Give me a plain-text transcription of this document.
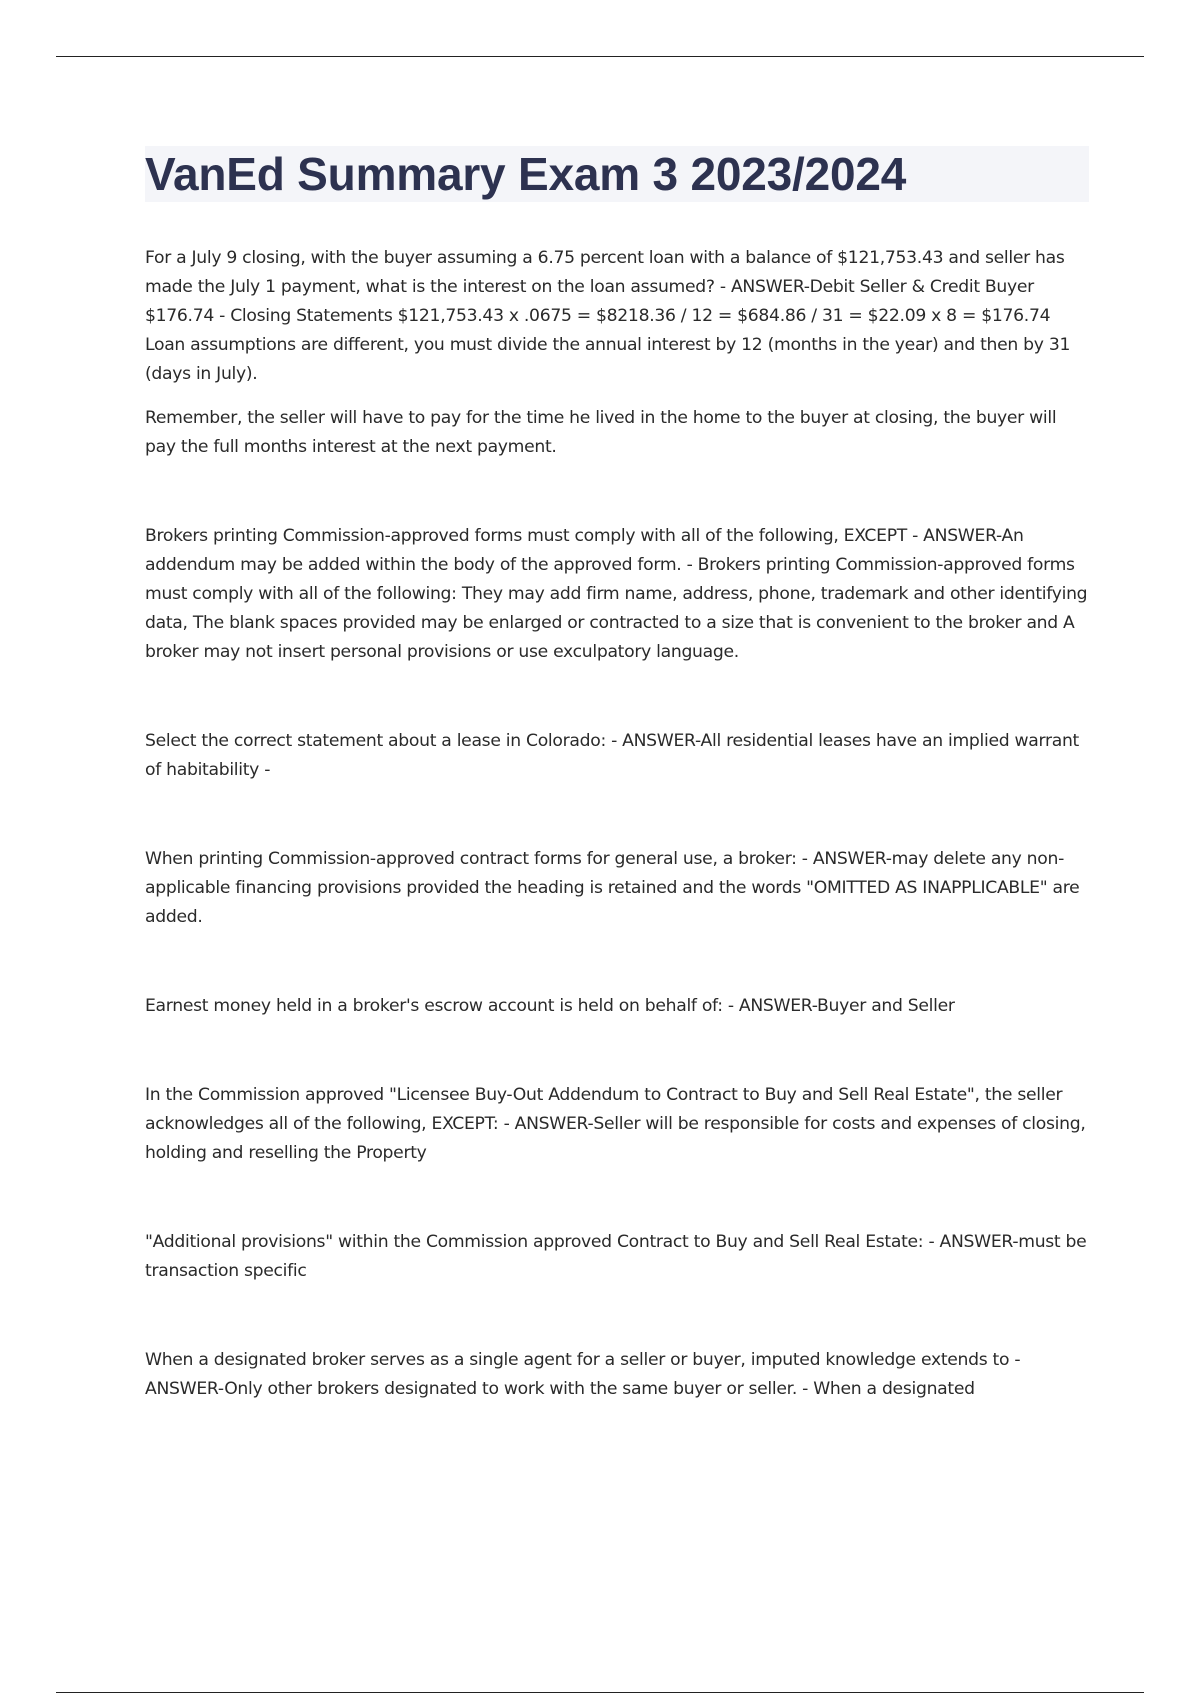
VanEd Summary Exam 3 2023/2024

For a July 9 closing, with the buyer assuming a 6.75 percent loan with a balance of $121,753.43 and seller has made the July 1 payment, what is the interest on the loan assumed? - ANSWER-Debit Seller & Credit Buyer $176.74 - Closing Statements $121,753.43 x .0675 = $8218.36 / 12 = $684.86 / 31 = $22.09 x 8 = $176.74 Loan assumptions are different, you must divide the annual interest by 12 (months in the year) and then by 31 (days in July).

Remember, the seller will have to pay for the time he lived in the home to the buyer at closing, the buyer will pay the full months interest at the next payment.

Brokers printing Commission-approved forms must comply with all of the following, EXCEPT - ANSWER-An addendum may be added within the body of the approved form. - Brokers printing Commission-approved forms must comply with all of the following: They may add firm name, address, phone, trademark and other identifying data, The blank spaces provided may be enlarged or contracted to a size that is convenient to the broker and A broker may not insert personal provisions or use exculpatory language.

Select the correct statement about a lease in Colorado: - ANSWER-All residential leases have an implied warrant of habitability -

When printing Commission-approved contract forms for general use, a broker: - ANSWER-may delete any non-applicable financing provisions provided the heading is retained and the words "OMITTED AS INAPPLICABLE" are added.

Earnest money held in a broker's escrow account is held on behalf of: - ANSWER-Buyer and Seller

In the Commission approved "Licensee Buy-Out Addendum to Contract to Buy and Sell Real Estate", the seller acknowledges all of the following, EXCEPT: - ANSWER-Seller will be responsible for costs and expenses of closing, holding and reselling the Property

"Additional provisions" within the Commission approved Contract to Buy and Sell Real Estate: - ANSWER-must be transaction specific

When a designated broker serves as a single agent for a seller or buyer, imputed knowledge extends to - ANSWER-Only other brokers designated to work with the same buyer or seller. - When a designated
